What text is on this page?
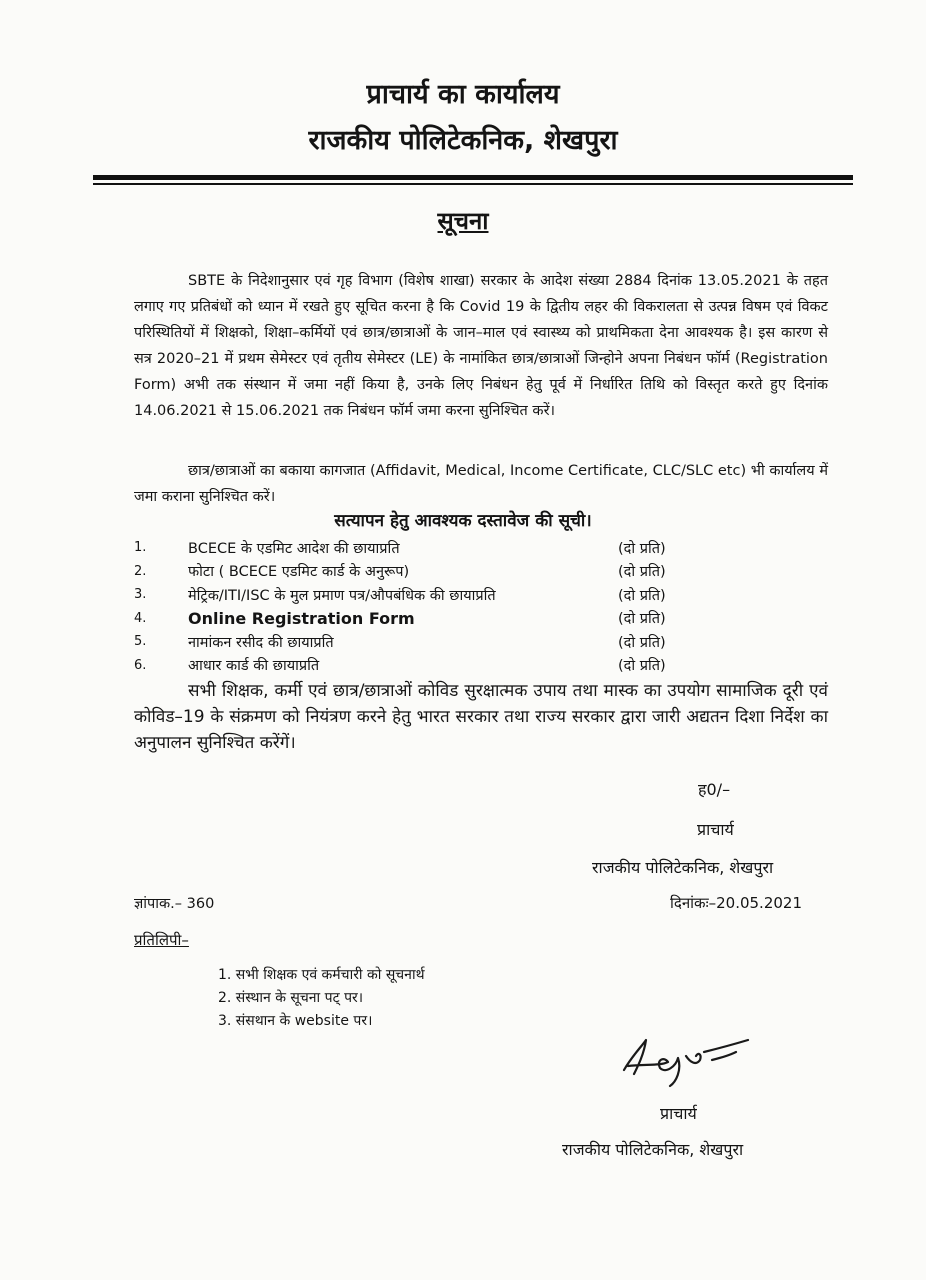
प्राचार्य का कार्यालय
राजकीय पोलिटेकनिक, शेखपुरा
सूचना
SBTE के निदेशानुसार एवं गृह विभाग (विशेष शाखा) सरकार के आदेश संख्या 2884 दिनांक 13.05.2021 के तहत लगाए गए प्रतिबंधों को ध्यान में रखते हुए सूचित करना है कि Covid 19 के द्वितीय लहर की विकरालता से उत्पन्न विषम एवं विकट परिस्थितियों में शिक्षको, शिक्षा–कर्मियों एवं छात्र/छात्राओं के जान–माल एवं स्वास्थ्य को प्राथमिकता देना आवश्यक है। इस कारण से सत्र 2020–21 में प्रथम सेमेस्टर एवं तृतीय सेमेस्टर (LE) के नामांकित छात्र/छात्राओं जिन्होने अपना निबंधन फॉर्म (Registration Form) अभी तक संस्थान में जमा नहीं किया है, उनके लिए निबंधन हेतु पूर्व में निर्धारित तिथि को विस्तृत करते हुए दिनांक 14.06.2021 से 15.06.2021 तक निबंधन फॉर्म जमा करना सुनिश्चित करें।
छात्र/छात्राओं का बकाया कागजात (Affidavit, Medical, Income Certificate, CLC/SLC etc) भी कार्यालय में जमा कराना सुनिश्चित करें।
सत्यापन हेतु आवश्यक दस्तावेज की सूची।
1.	BCECE के एडमिट आदेश की छायाप्रति	(दो प्रति)
2.	फोटा ( BCECE एडमिट कार्ड के अनुरूप)	(दो प्रति)
3.	मेट्रिक/ITI/ISC के मुल प्रमाण पत्र/औपबंधिक की छायाप्रति	(दो प्रति)
4.	Online Registration Form	(दो प्रति)
5.	नामांकन रसीद की छायाप्रति	(दो प्रति)
6.	आधार कार्ड की छायाप्रति	(दो प्रति)
सभी शिक्षक, कर्मी एवं छात्र/छात्राओं कोविड सुरक्षात्मक उपाय तथा मास्क का उपयोग सामाजिक दूरी एवं कोविड–19 के संक्रमण को नियंत्रण करने हेतु भारत सरकार तथा राज्य सरकार द्वारा जारी अद्यतन दिशा निर्देश का अनुपालन सुनिश्चित करेंगें।
ह0/–
प्राचार्य
राजकीय पोलिटेकनिक, शेखपुरा
ज्ञांपाक.– 360	दिनांकः–20.05.2021
प्रतिलिपी–
1. सभी शिक्षक एवं कर्मचारी को सूचनार्थ
2. संस्थान के सूचना पट् पर।
3. संसथान के website पर।
प्राचार्य
राजकीय पोलिटेकनिक, शेखपुरा
